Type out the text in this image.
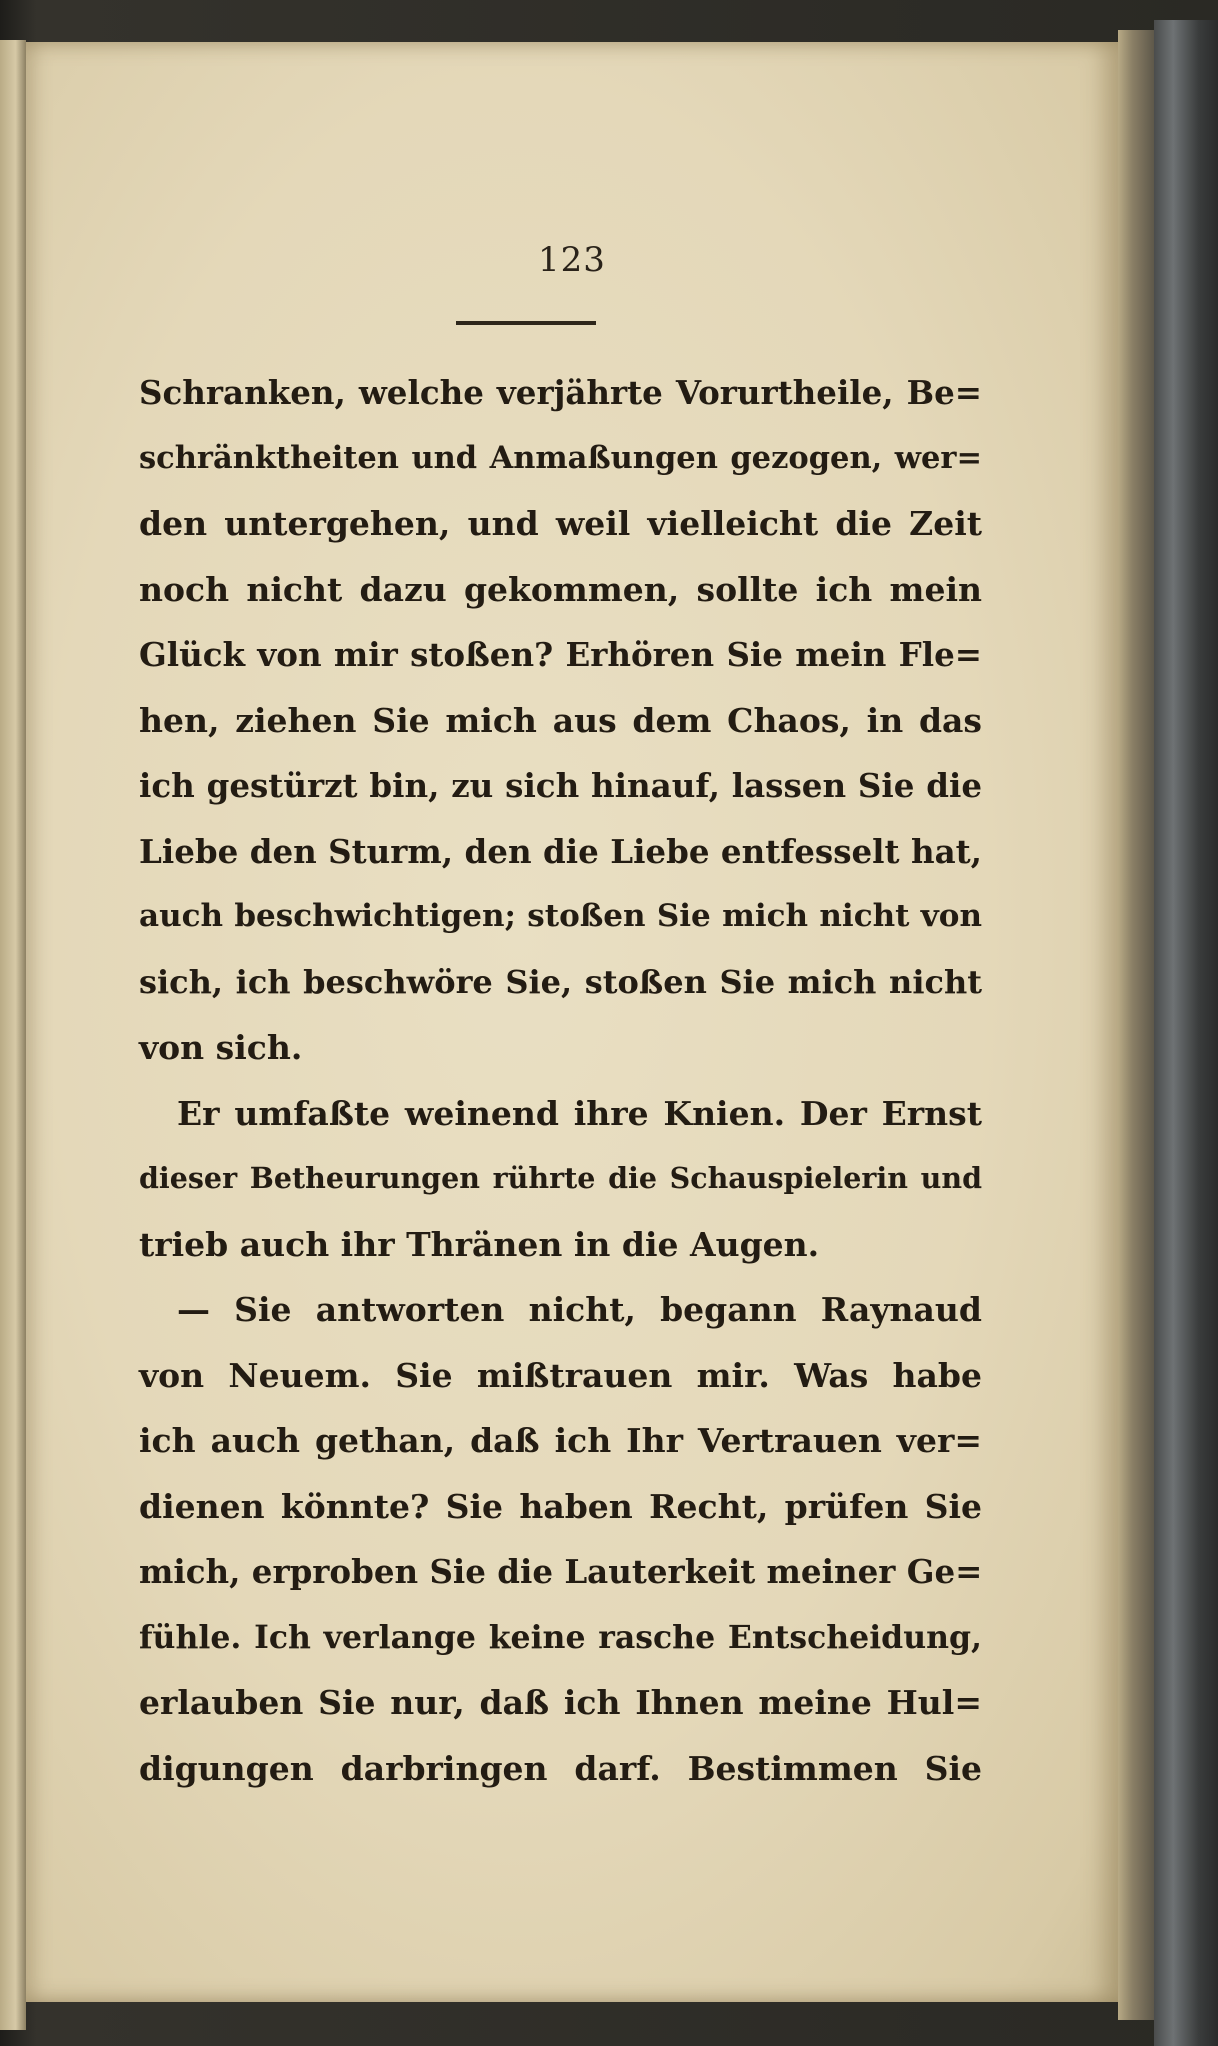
123
Schranken, welche verjährte Vorurtheile, Be=
schränktheiten und Anmaßungen gezogen, wer=
den untergehen, und weil vielleicht die Zeit
noch nicht dazu gekommen, sollte ich mein
Glück von mir stoßen? Erhören Sie mein Fle=
hen, ziehen Sie mich aus dem Chaos, in das
ich gestürzt bin, zu sich hinauf, lassen Sie die
Liebe den Sturm, den die Liebe entfesselt hat,
auch beschwichtigen; stoßen Sie mich nicht von
sich, ich beschwöre Sie, stoßen Sie mich nicht
von sich.
Er umfaßte weinend ihre Knien. Der Ernst
dieser Betheurungen rührte die Schauspielerin und
trieb auch ihr Thränen in die Augen.
— Sie antworten nicht, begann Raynaud
von Neuem. Sie mißtrauen mir. Was habe
ich auch gethan, daß ich Ihr Vertrauen ver=
dienen könnte? Sie haben Recht, prüfen Sie
mich, erproben Sie die Lauterkeit meiner Ge=
fühle. Ich verlange keine rasche Entscheidung,
erlauben Sie nur, daß ich Ihnen meine Hul=
digungen darbringen darf. Bestimmen Sie
